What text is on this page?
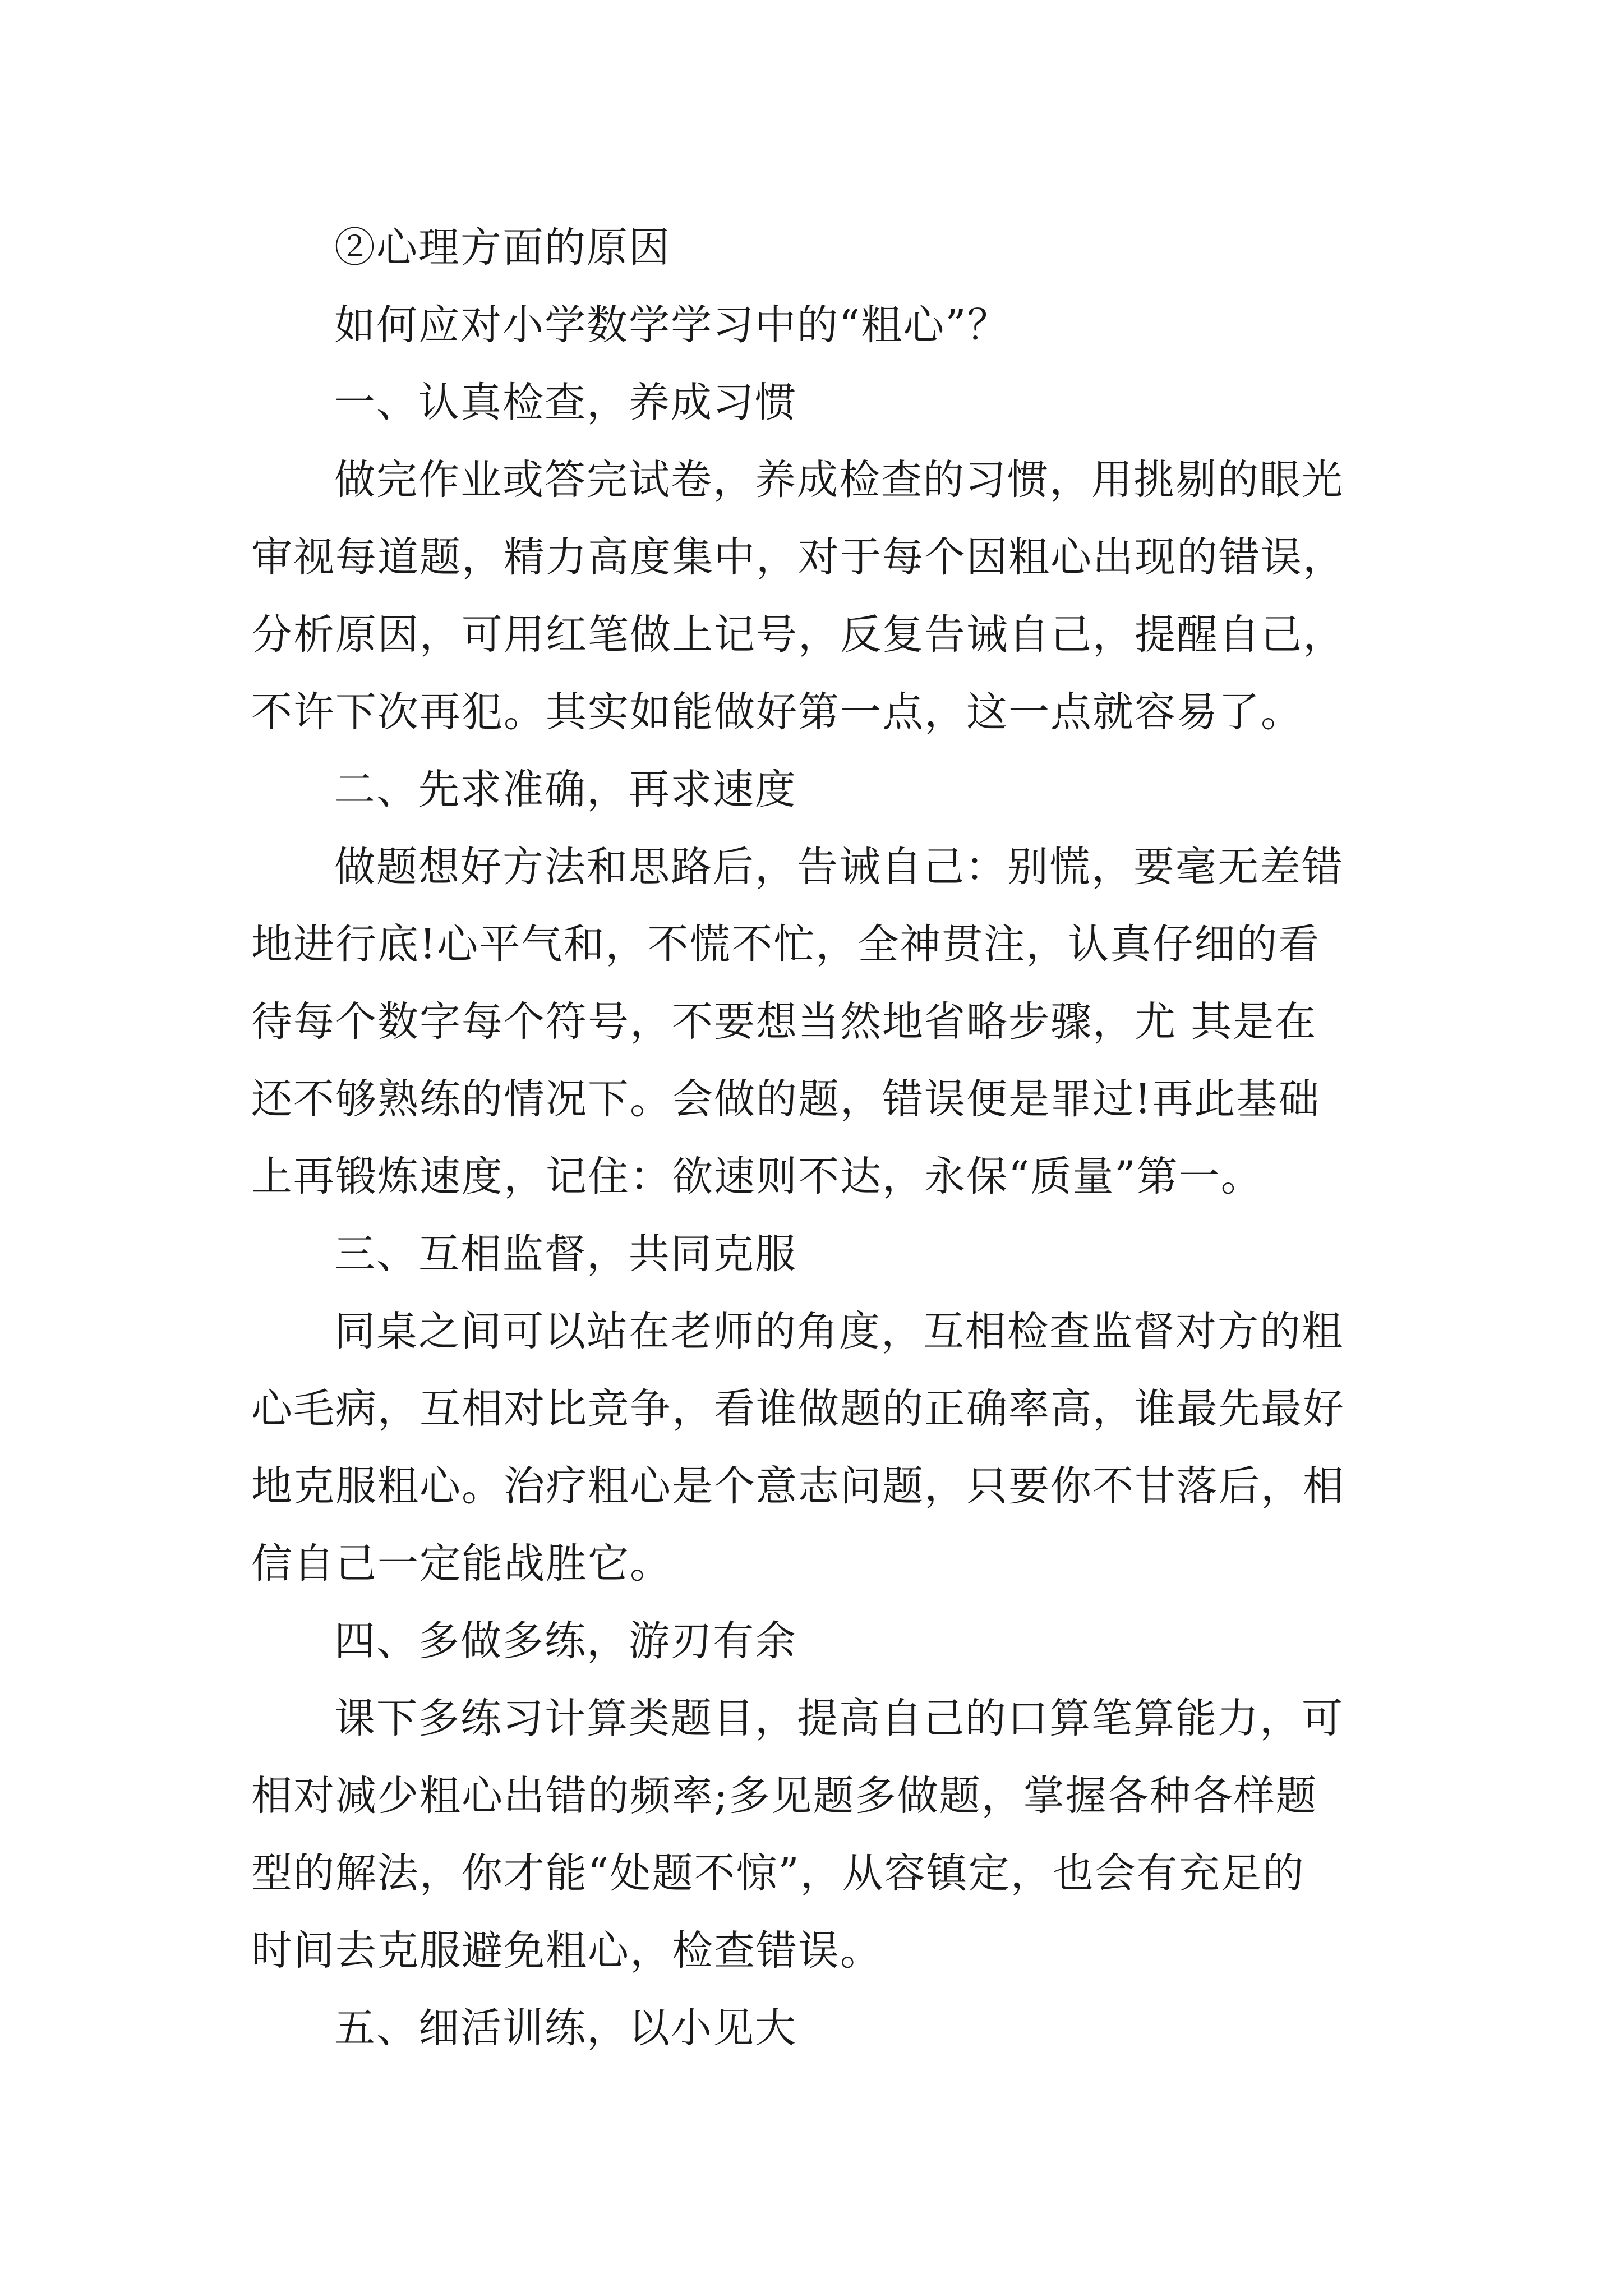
②心理方面的原因
如何应对小学数学学习中的“粗心”？
一、认真检查，养成习惯
做完作业或答完试卷，养成检查的习惯，用挑剔的眼光
审视每道题，精力高度集中，对于每个因粗心出现的错误，
分析原因，可用红笔做上记号，反复告诫自己，提醒自己，
不许下次再犯。其实如能做好第一点，这一点就容易了。
二、先求准确，再求速度
做题想好方法和思路后，告诫自己：别慌，要毫无差错
地进行底!心平气和，不慌不忙，全神贯注，认真仔细的看
待每个数字每个符号，不要想当然地省略步骤，尤 其是在
还不够熟练的情况下。会做的题，错误便是罪过!再此基础
上再锻炼速度，记住：欲速则不达，永保“质量”第一。
三、互相监督，共同克服
同桌之间可以站在老师的角度，互相检查监督对方的粗
心毛病，互相对比竞争，看谁做题的正确率高，谁最先最好
地克服粗心。治疗粗心是个意志问题，只要你不甘落后，相
信自己一定能战胜它。
四、多做多练，游刃有余
课下多练习计算类题目，提高自己的口算笔算能力，可
相对减少粗心出错的频率;多见题多做题，掌握各种各样题
型的解法，你才能“处题不惊”，从容镇定，也会有充足的
时间去克服避免粗心，检查错误。
五、细活训练，以小见大
